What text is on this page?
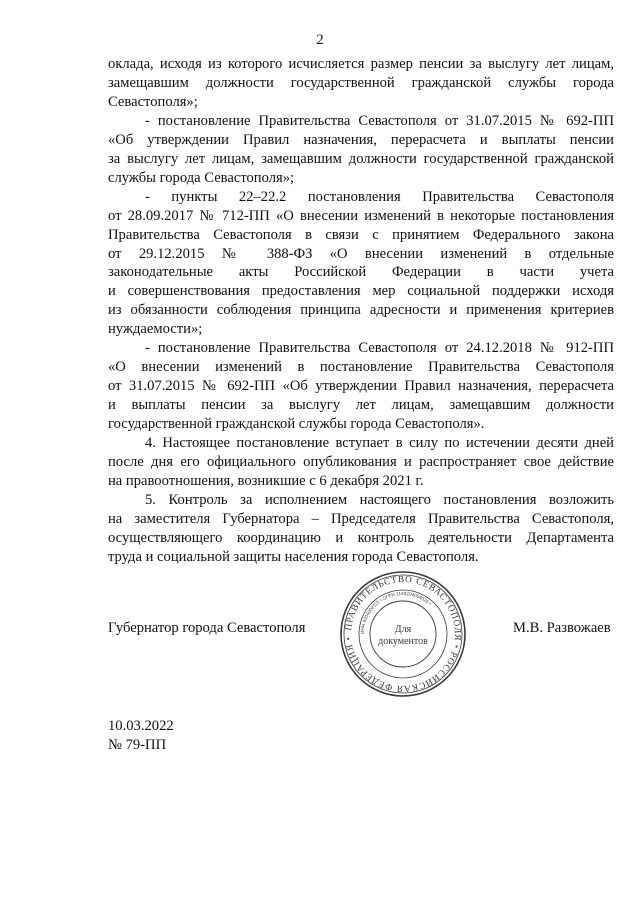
2
оклада, исходя из которого исчисляется размер пенсии за выслугу лет лицам,
замещавшим должности государственной гражданской службы города
Севастополя»;
- постановление Правительства Севастополя от 31.07.2015 № 692-ПП
«Об утверждении Правил назначения, перерасчета и выплаты пенсии
за выслугу лет лицам, замещавшим должности государственной гражданской
службы города Севастополя»;
- пункты 22–22.2 постановления Правительства Севастополя
от 28.09.2017 № 712-ПП «О внесении изменений в некоторые постановления
Правительства Севастополя в связи с принятием Федерального закона
от 29.12.2015 № 388-ФЗ «О внесении изменений в отдельные
законодательные акты Российской Федерации в части учета
и совершенствования предоставления мер социальной поддержки исходя
из обязанности соблюдения принципа адресности и применения критериев
нуждаемости»;
- постановление Правительства Севастополя от 24.12.2018 № 912-ПП
«О внесении изменений в постановление Правительства Севастополя
от 31.07.2015 № 692-ПП «Об утверждении Правил назначения, перерасчета
и выплаты пенсии за выслугу лет лицам, замещавшим должности
государственной гражданской службы города Севастополя».
4. Настоящее постановление вступает в силу по истечении десяти дней
после дня его официального опубликования и распространяет свое действие
на правоотношения, возникшие с 6 декабря 2021 г.
5. Контроль за исполнением настоящего постановления возложить
на заместителя Губернатора – Председателя Правительства Севастополя,
осуществляющего координацию и контроль деятельности Департамента
труда и социальной защиты населения города Севастополя.
Губернатор города Севастополя	М.В. Развожаев
ПРАВИТЕЛЬСТВО СЕВАСТОПОЛЯ • РОССИЙСКАЯ ФЕДЕРАЦИЯ •
ИНН 9204002115 • ОГРН 1149204004025 •
Для
документов
10.03.2022
№ 79-ПП
